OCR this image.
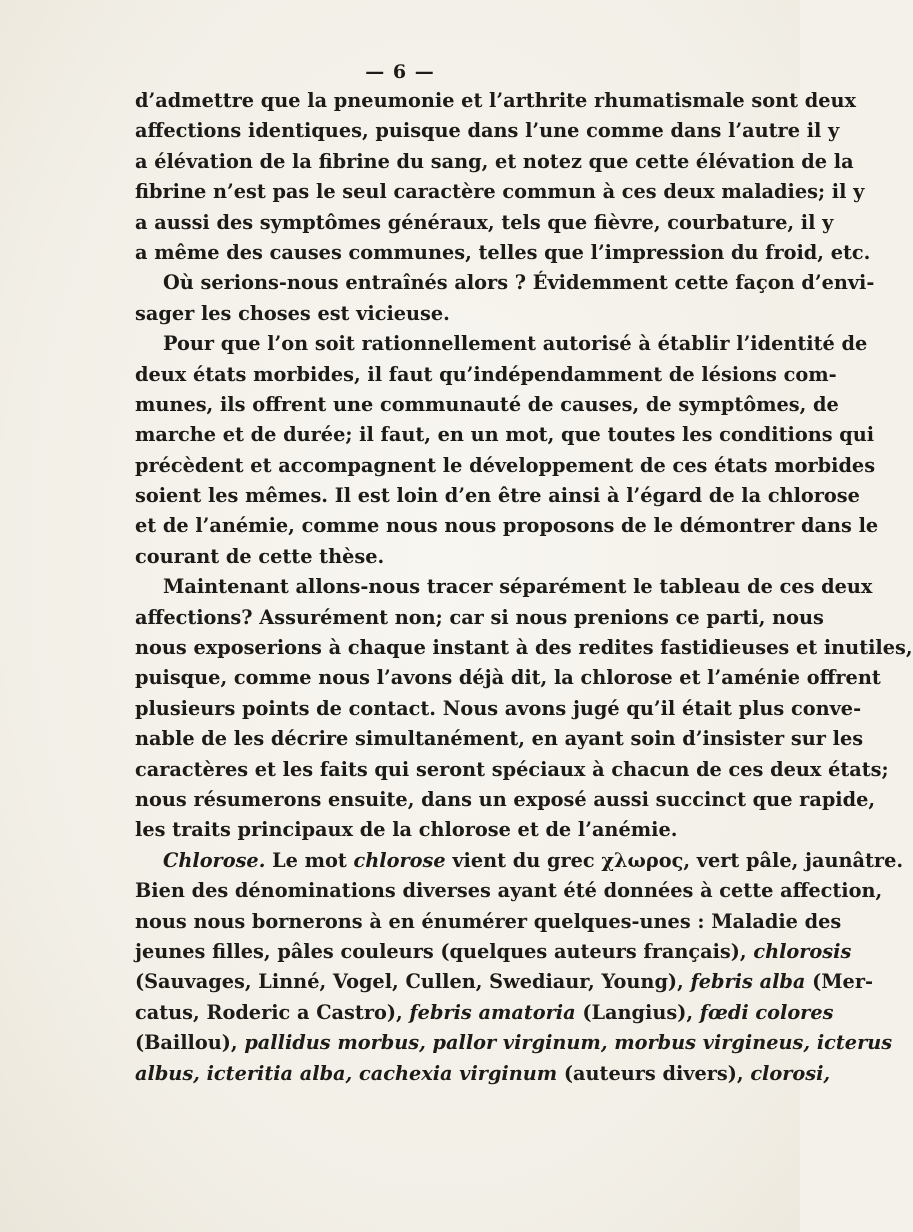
— 6 —
d’admettre que la pneumonie et l’arthrite rhumatismale sont deux
affections identiques, puisque dans l’une comme dans l’autre il y
a élévation de la fibrine du sang, et notez que cette élévation de la
fibrine n’est pas le seul caractère commun à ces deux maladies; il y
a aussi des symptômes généraux, tels que fièvre, courbature, il y
a même des causes communes, telles que l’impression du froid, etc.
Où serions-nous entraînés alors ? Évidemment cette façon d’envi-
sager les choses est vicieuse.
Pour que l’on soit rationnellement autorisé à établir l’identité de
deux états morbides, il faut qu’indépendamment de lésions com-
munes, ils offrent une communauté de causes, de symptômes, de
marche et de durée; il faut, en un mot, que toutes les conditions qui
précèdent et accompagnent le développement de ces états morbides
soient les mêmes. Il est loin d’en être ainsi à l’égard de la chlorose
et de l’anémie, comme nous nous proposons de le démontrer dans le
courant de cette thèse.
Maintenant allons-nous tracer séparément le tableau de ces deux
affections? Assurément non; car si nous prenions ce parti, nous
nous exposerions à chaque instant à des redites fastidieuses et inutiles,
puisque, comme nous l’avons déjà dit, la chlorose et l’aménie offrent
plusieurs points de contact. Nous avons jugé qu’il était plus conve-
nable de les décrire simultanément, en ayant soin d’insister sur les
caractères et les faits qui seront spéciaux à chacun de ces deux états;
nous résumerons ensuite, dans un exposé aussi succinct que rapide,
les traits principaux de la chlorose et de l’anémie.
Chlorose. Le mot chlorose vient du grec χλωρος, vert pâle, jaunâtre.
Bien des dénominations diverses ayant été données à cette affection,
nous nous bornerons à en énumérer quelques-unes : Maladie des
jeunes filles, pâles couleurs (quelques auteurs français), chlorosis
(Sauvages, Linné, Vogel, Cullen, Swediaur, Young), febris alba (Mer-
catus, Roderic a Castro), febris amatoria (Langius), fœdi colores
(Baillou), pallidus morbus, pallor virginum, morbus virgineus, icterus
albus, icteritia alba, cachexia virginum (auteurs divers), clorosi,
